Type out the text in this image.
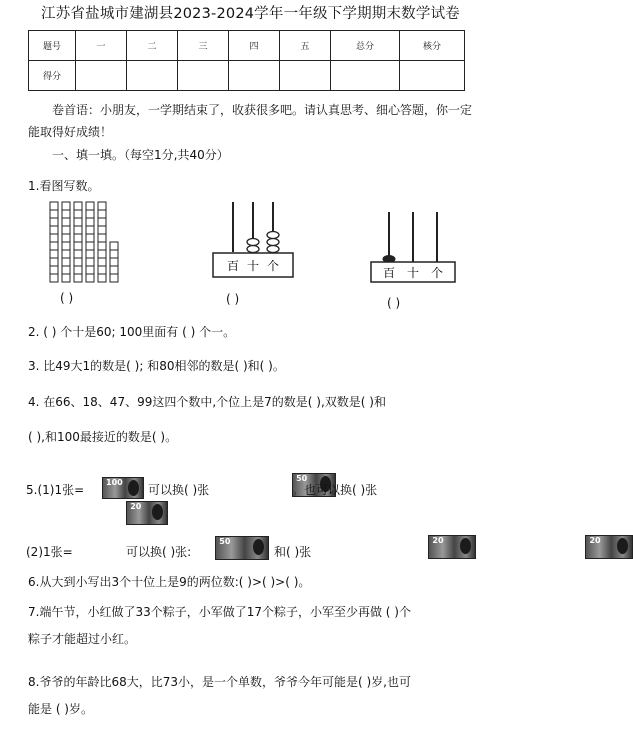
江苏省盐城市建湖县2023-2024学年一年级下学期期末数学试卷
题号	一	二	三	四	五	总分	核分
得分							
卷首语：小朋友，一学期结束了，收获很多吧。请认真思考、细心答题，你一定能取得好成绩！
一、填一填。（每空1分,共40分）
1.看图写数。
百 十 个	百 十 个
( )	( )	( )
2. ( ) 个十是60; 100里面有 ( ) 个一。
3. 比49大1的数是( ); 和80相邻的数是( )和( )。
4. 在66、18、47、99这四个数中,个位上是7的数是( ),双数是( )和
( ),和100最接近的数是( )。
5.(1)1张=
100

可以换( )张
50

。也可以换( )张
20

(2)1张=
50

可以换( )张:
20

和( )张
20
6.从大到小写出3个十位上是9的两位数:( )>( )>( )。
7.端午节，小红做了33个粽子，小军做了17个粽子，小军至少再做 ( )个
粽子才能超过小红。
8.爷爷的年龄比68大，比73小，是一个单数，爷爷今年可能是( )岁,也可
能是 ( )岁。
